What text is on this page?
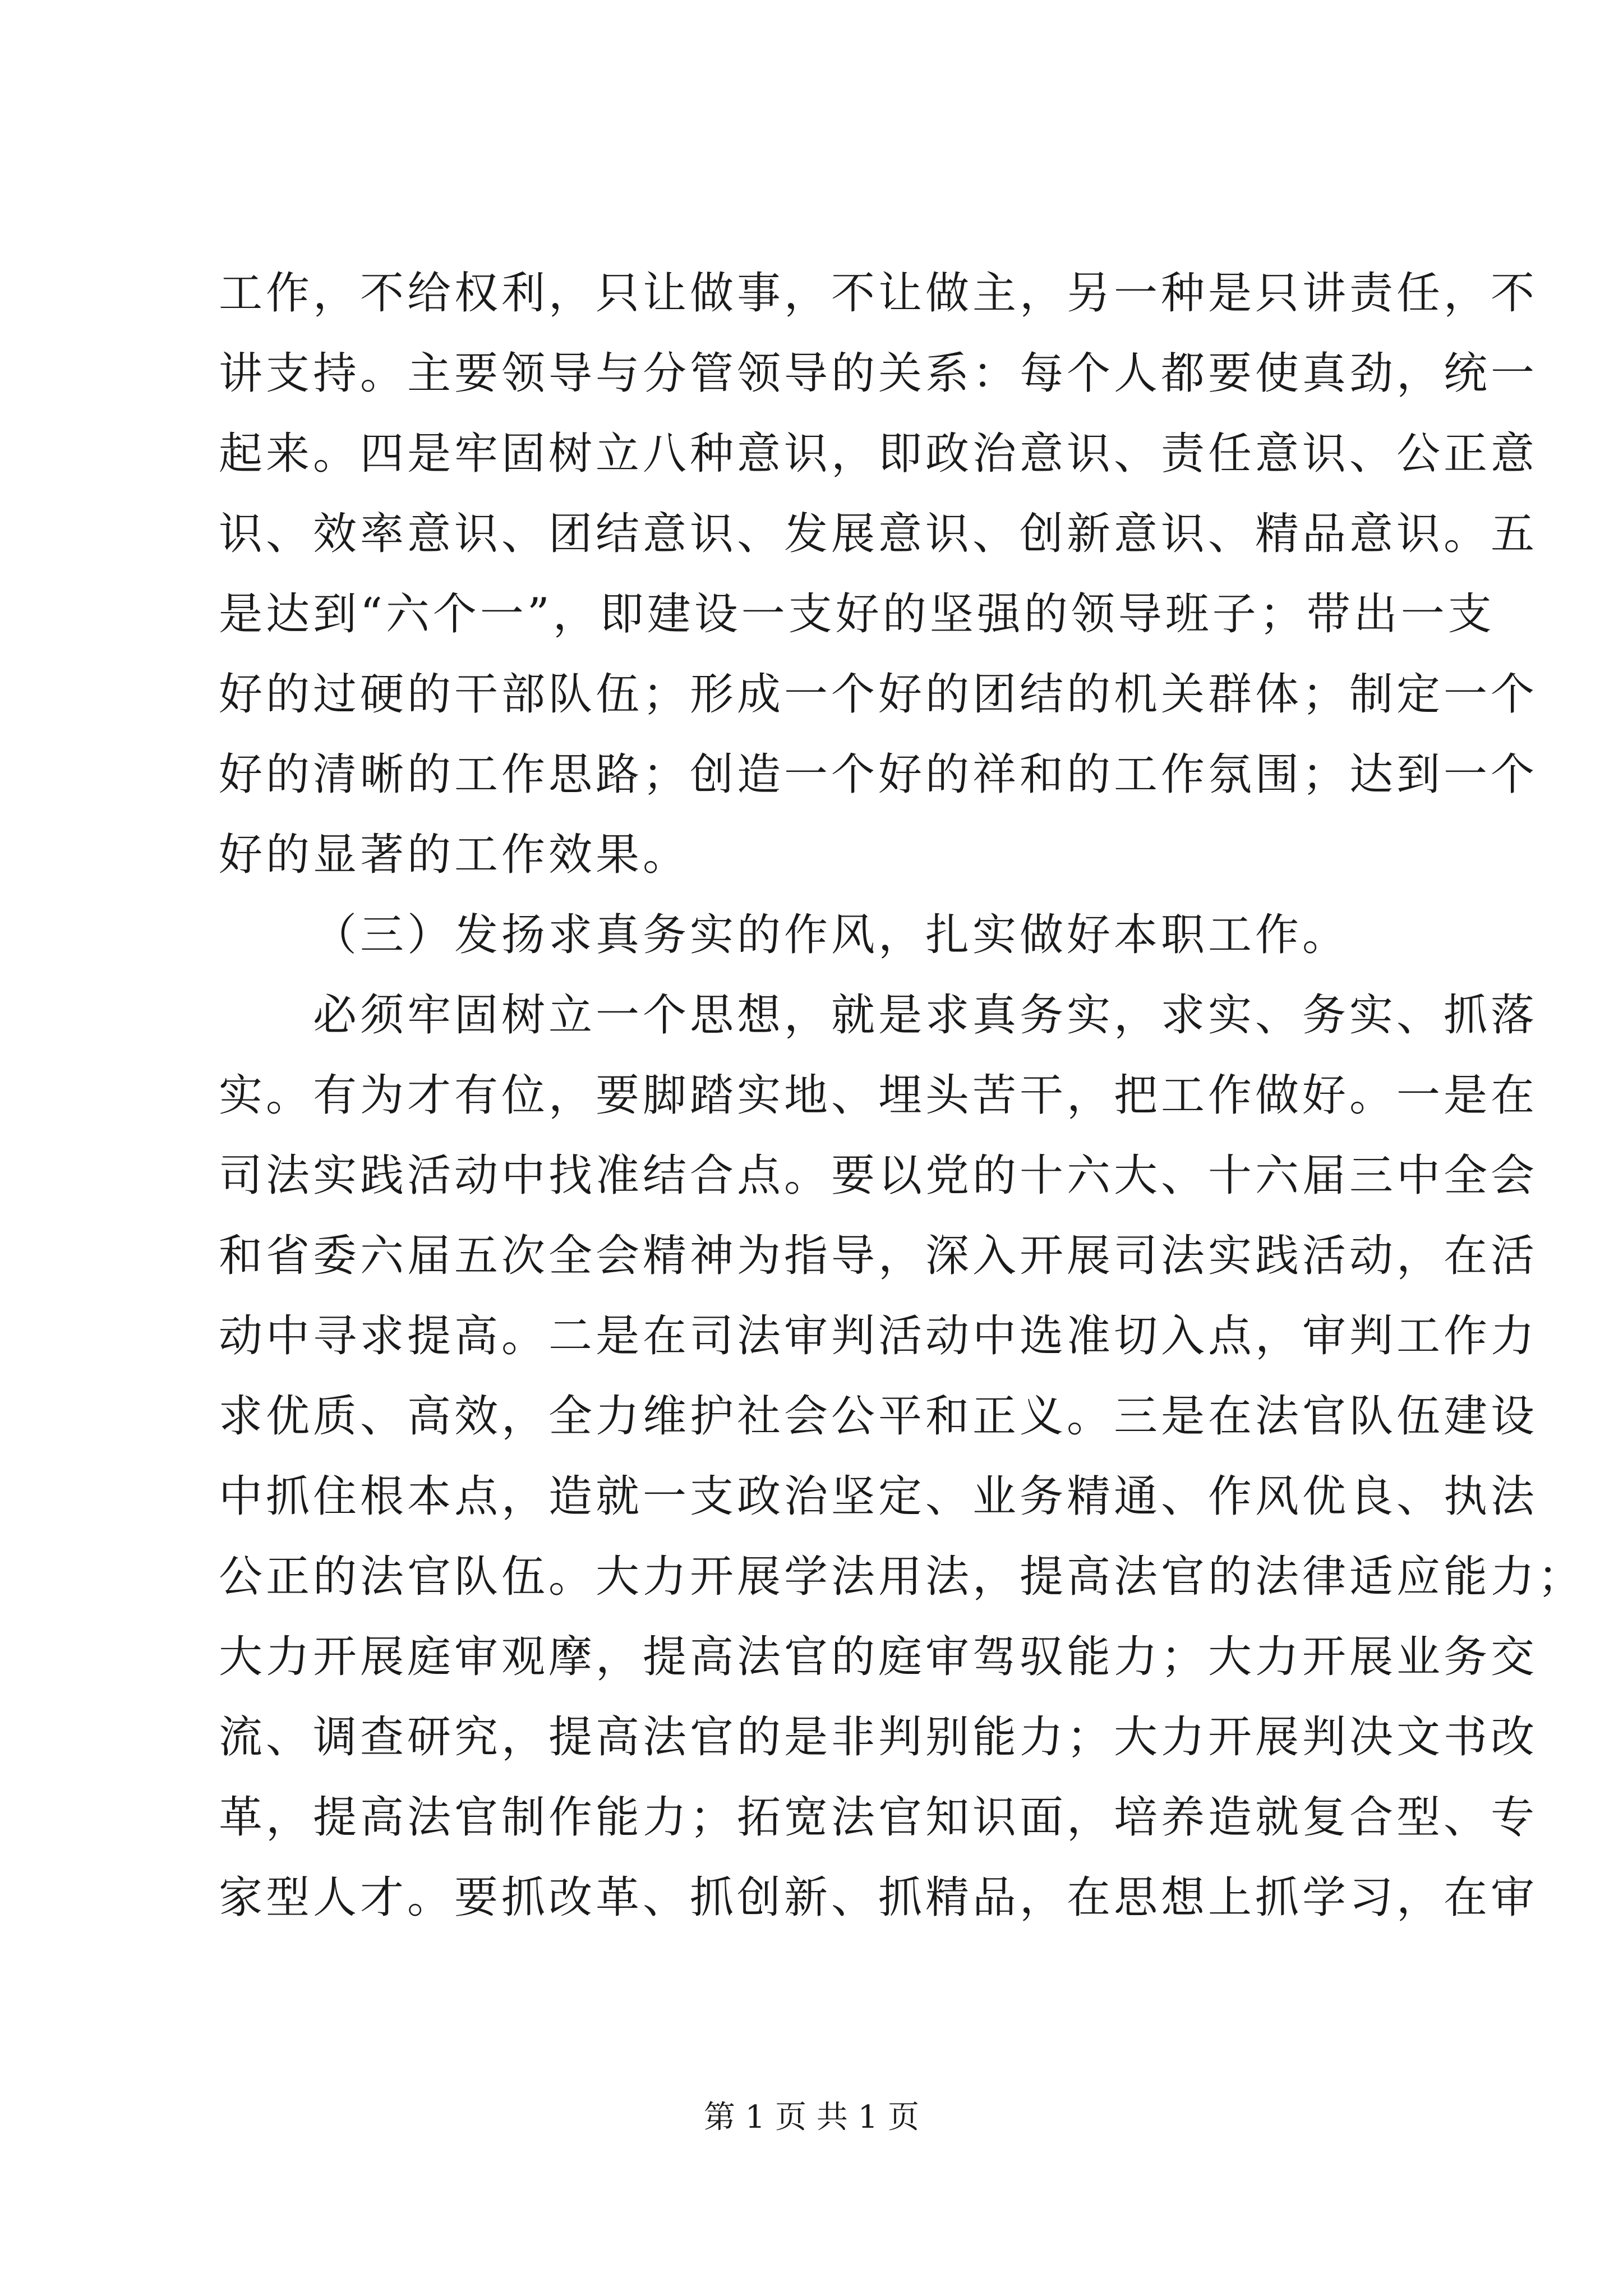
工作，不给权利，只让做事，不让做主，另一种是只讲责任，不
讲支持。主要领导与分管领导的关系：每个人都要使真劲，统一
起来。四是牢固树立八种意识，即政治意识、责任意识、公正意
识、效率意识、团结意识、发展意识、创新意识、精品意识。五
是达到“六个一”，即建设一支好的坚强的领导班子；带出一支
好的过硬的干部队伍；形成一个好的团结的机关群体；制定一个
好的清晰的工作思路；创造一个好的祥和的工作氛围；达到一个
好的显著的工作效果。
（三）发扬求真务实的作风，扎实做好本职工作。
必须牢固树立一个思想，就是求真务实，求实、务实、抓落
实。有为才有位，要脚踏实地、埋头苦干，把工作做好。一是在
司法实践活动中找准结合点。要以党的十六大、十六届三中全会
和省委六届五次全会精神为指导，深入开展司法实践活动，在活
动中寻求提高。二是在司法审判活动中选准切入点，审判工作力
求优质、高效，全力维护社会公平和正义。三是在法官队伍建设
中抓住根本点，造就一支政治坚定、业务精通、作风优良、执法
公正的法官队伍。大力开展学法用法，提高法官的法律适应能力；
大力开展庭审观摩，提高法官的庭审驾驭能力；大力开展业务交
流、调查研究，提高法官的是非判别能力；大力开展判决文书改
革，提高法官制作能力；拓宽法官知识面，培养造就复合型、专
家型人才。要抓改革、抓创新、抓精品，在思想上抓学习，在审
第 1 页 共 1 页
